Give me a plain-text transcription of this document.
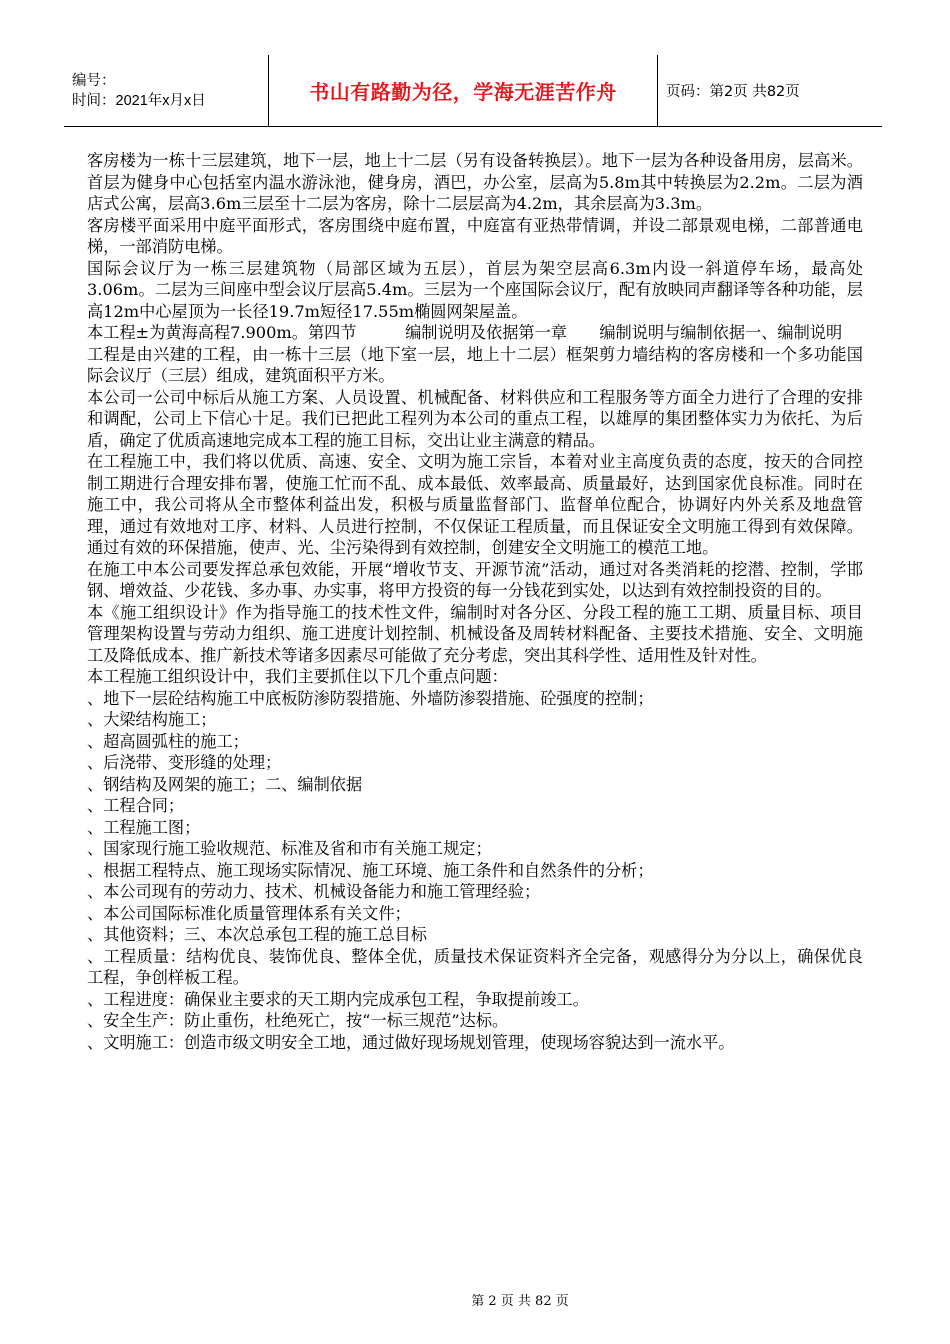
编号：
时间：2021年x月x日	书山有路勤为径，学海无涯苦作舟	页码：第2页 共82页

客房楼为一栋十三层建筑，地下一层，地上十二层（另有设备转换层）。地下一层为各种设备用房，层高米。首层为健身中心包括室内温水游泳池，健身房，酒巴，办公室，层高为5.8m其中转换层为2.2m。二层为酒店式公寓，层高3.6m三层至十二层为客房，除十二层层高为4.2m，其余层高为3.3m。

客房楼平面采用中庭平面形式，客房围绕中庭布置，中庭富有亚热带情调，并设二部景观电梯，二部普通电梯，一部消防电梯。

国际会议厅为一栋三层建筑物（局部区域为五层），首层为架空层高6.3m内设一斜道停车场，最高处3.06m。二层为三间座中型会议厅层高5.4m。三层为一个座国际会议厅，配有放映同声翻译等各种功能，层高12m中心屋顶为一长径19.7m短径17.55m椭圆网架屋盖。

本工程±为黄海高程7.900m。第四节　　　编制说明及依据第一章　　编制说明与编制依据一、编制说明

工程是由兴建的工程，由一栋十三层（地下室一层，地上十二层）框架剪力墙结构的客房楼和一个多功能国际会议厅（三层）组成，建筑面积平方米。

本公司一公司中标后从施工方案、人员设置、机械配备、材料供应和工程服务等方面全力进行了合理的安排和调配，公司上下信心十足。我们已把此工程列为本公司的重点工程，以雄厚的集团整体实力为依托、为后盾，确定了优质高速地完成本工程的施工目标，交出让业主满意的精品。

在工程施工中，我们将以优质、高速、安全、文明为施工宗旨，本着对业主高度负责的态度，按天的合同控制工期进行合理安排布署，使施工忙而不乱、成本最低、效率最高、质量最好，达到国家优良标准。同时在施工中，我公司将从全市整体利益出发，积极与质量监督部门、监督单位配合，协调好内外关系及地盘管理，通过有效地对工序、材料、人员进行控制，不仅保证工程质量，而且保证安全文明施工得到有效保障。通过有效的环保措施，使声、光、尘污染得到有效控制，创建安全文明施工的模范工地。

在施工中本公司要发挥总承包效能，开展“增收节支、开源节流”活动，通过对各类消耗的挖潜、控制，学邯钢、增效益、少花钱、多办事、办实事，将甲方投资的每一分钱花到实处，以达到有效控制投资的目的。

本《施工组织设计》作为指导施工的技术性文件，编制时对各分区、分段工程的施工工期、质量目标、项目管理架构设置与劳动力组织、施工进度计划控制、机械设备及周转材料配备、主要技术措施、安全、文明施工及降低成本、推广新技术等诸多因素尽可能做了充分考虑，突出其科学性、适用性及针对性。

本工程施工组织设计中，我们主要抓住以下几个重点问题：

、地下一层砼结构施工中底板防渗防裂措施、外墙防渗裂措施、砼强度的控制；

、大梁结构施工；

、超高圆弧柱的施工；

、后浇带、变形缝的处理；

、钢结构及网架的施工；二、编制依据

、工程合同；

、工程施工图；

、国家现行施工验收规范、标准及省和市有关施工规定；

、根据工程特点、施工现场实际情况、施工环境、施工条件和自然条件的分析；

、本公司现有的劳动力、技术、机械设备能力和施工管理经验；

、本公司国际标准化质量管理体系有关文件；

、其他资料；三、本次总承包工程的施工总目标

、工程质量：结构优良、装饰优良、整体全优，质量技术保证资料齐全完备，观感得分为分以上，确保优良工程，争创样板工程。

、工程进度：确保业主要求的天工期内完成承包工程，争取提前竣工。

、安全生产：防止重伤，杜绝死亡，按“一标三规范”达标。

、文明施工：创造市级文明安全工地，通过做好现场规划管理，使现场容貌达到一流水平。

第 2 页 共 82 页
